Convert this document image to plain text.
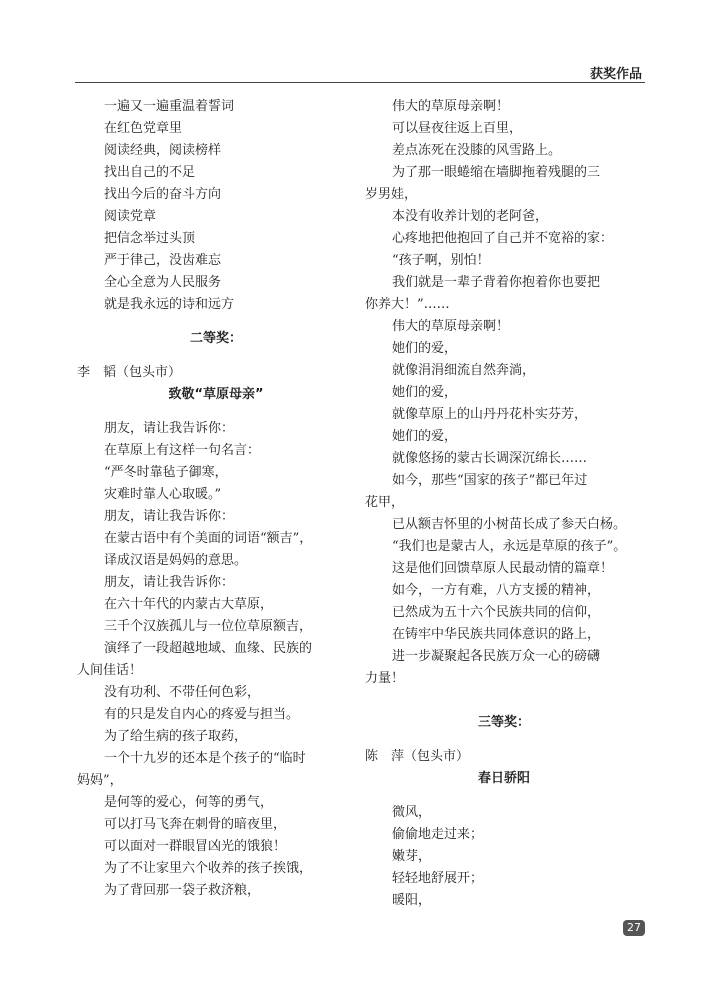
获奖作品
一遍又一遍重温着誓词
在红色党章里
阅读经典，阅读榜样
找出自己的不足
找出今后的奋斗方向
阅读党章
把信念举过头顶
严于律己，没齿难忘
全心全意为人民服务
就是我永远的诗和远方
二等奖：
李　韬（包头市）
致敬“草原母亲”
朋友，请让我告诉你：
在草原上有这样一句名言：
“严冬时靠毡子御寒，
灾难时靠人心取暖。”
朋友，请让我告诉你：
在蒙古语中有个美面的词语“额吉”，
译成汉语是妈妈的意思。
朋友，请让我告诉你：
在六十年代的内蒙古大草原，
三千个汉族孤儿与一位位草原额吉，
演绎了一段超越地域、血缘、民族的
人间佳话！
没有功利、不带任何色彩，
有的只是发自内心的疼爱与担当。
为了给生病的孩子取药，
一个十九岁的还本是个孩子的“临时
妈妈”，
是何等的爱心，何等的勇气，
可以打马飞奔在刺骨的暗夜里，
可以面对一群眼冒凶光的饿狼！
为了不让家里六个收养的孩子挨饿，
为了背回那一袋子救济粮，
伟大的草原母亲啊！
可以昼夜往返上百里，
差点冻死在没膝的风雪路上。
为了那一眼蜷缩在墙脚拖着残腿的三
岁男娃，
本没有收养计划的老阿爸，
心疼地把他抱回了自己并不宽裕的家：
“孩子啊，别怕！
我们就是一辈子背着你抱着你也要把
你养大！”……
伟大的草原母亲啊！
她们的爱，
就像涓涓细流自然奔淌，
她们的爱，
就像草原上的山丹丹花朴实芬芳，
她们的爱，
就像悠扬的蒙古长调深沉绵长……
如今，那些“国家的孩子”都已年过
花甲，
已从额吉怀里的小树苗长成了参天白杨。
“我们也是蒙古人，永远是草原的孩子”。
这是他们回馈草原人民最动情的篇章！
如今，一方有难，八方支援的精神，
已然成为五十六个民族共同的信仰，
在铸牢中华民族共同体意识的路上，
进一步凝聚起各民族万众一心的磅礴
力量！
三等奖：
陈　萍（包头市）
春日骄阳
微风，
偷偷地走过来；
嫩芽，
轻轻地舒展开；
暖阳，
27
